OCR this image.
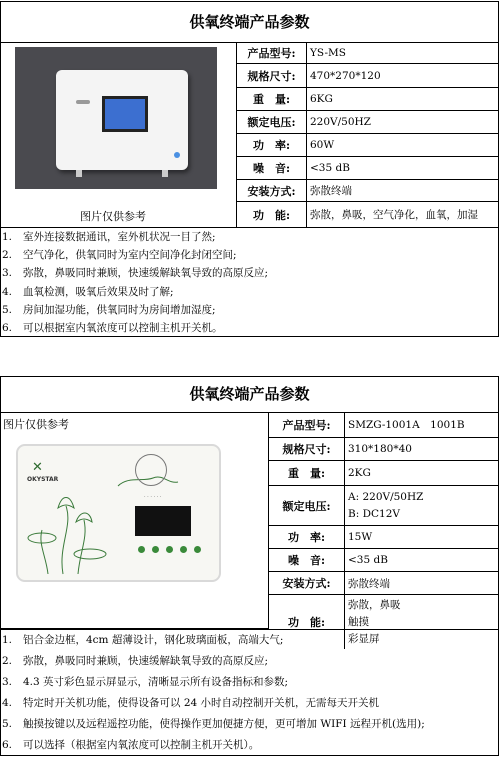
供氧终端产品参数
图片仅供参考
产品型号:	YS-MS
规格尺寸:	470*270*120
重　量:	6KG
额定电压:	220V/50HZ
功　率:	60W
噪　音:	<35 dB
安装方式:	弥散终端
功　能:	弥散，鼻吸，空气净化，血氧，加湿
1. 室外连接数据通讯，室外机状况一目了然;
2. 空气净化，供氧同时为室内空间净化封闭空间;
3. 弥散，鼻吸同时兼顾，快速缓解缺氧导致的高原反应;
4. 血氧检测，吸氧后效果及时了解;
5. 房间加湿功能，供氧同时为房间增加湿度;
6. 可以根据室内氧浓度可以控制主机开关机。
供氧终端产品参数
图片仅供参考
· · · · · ·
✕
OKYSTAR
产品型号:	SMZG-1001A　1001B
规格尺寸:	310*180*40
重　量:	2KG
额定电压:
A: 220V/50HZ
B: DC12V
功　率:	15W
噪　音:	<35 dB
安装方式:	弥散终端
功　能:
弥散，鼻吸
触摸
彩显屏
1. 铝合金边框，4cm 超薄设计，钢化玻璃面板，高端大气;
2. 弥散，鼻吸同时兼顾，快速缓解缺氧导致的高原反应;
3. 4.3 英寸彩色显示屏显示，清晰显示所有设备指标和参数;
4. 特定时开关机功能，使得设备可以 24 小时自动控制开关机，无需每天开关机
5. 触摸按键以及远程遥控功能，使得操作更加便捷方便，更可增加 WIFI 远程开机(选用);
6. 可以选择（根据室内氧浓度可以控制主机开关机）。
